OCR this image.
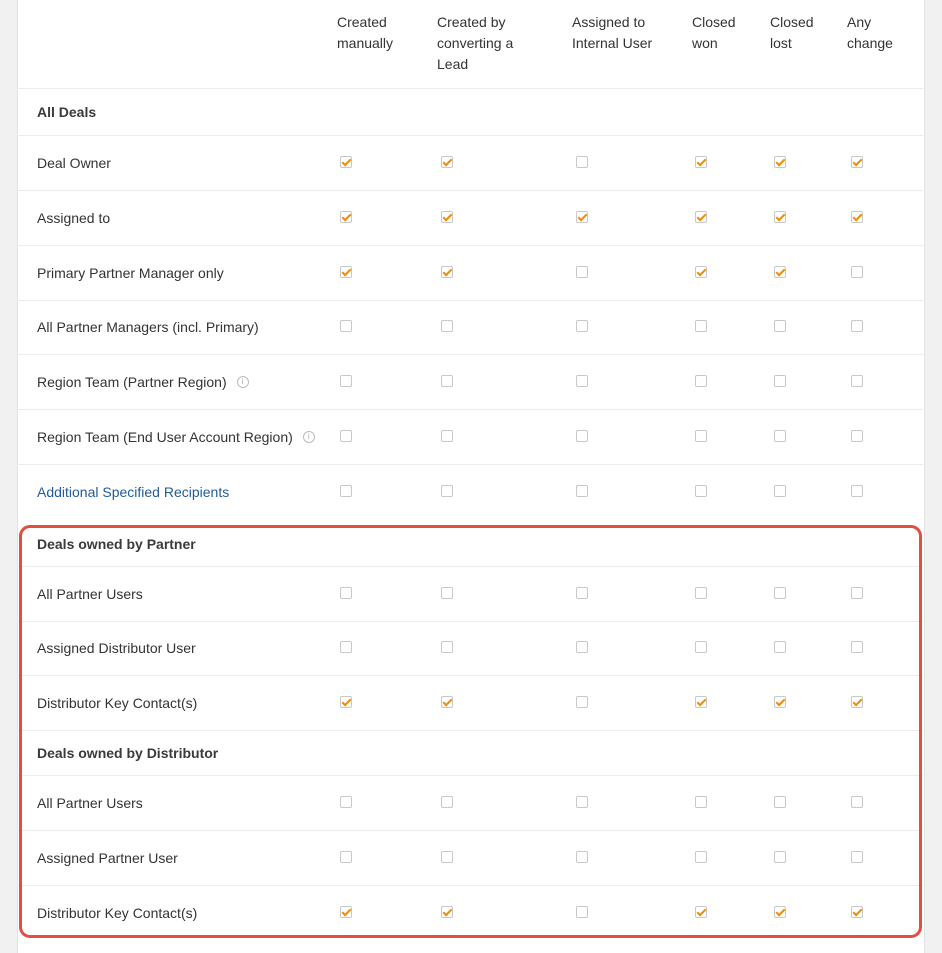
Created manually
Created by converting a Lead
Assigned to Internal User
Closed won
Closed lost
Any change
All Deals
Deal Owner
Assigned to
Primary Partner Manager only
All Partner Managers (incl. Primary)
Region Team (Partner Region)	i
Region Team (End User Account Region)	i
Additional Specified Recipients
Deals owned by Partner
All Partner Users
Assigned Distributor User
Distributor Key Contact(s)
Deals owned by Distributor
All Partner Users
Assigned Partner User
Distributor Key Contact(s)
